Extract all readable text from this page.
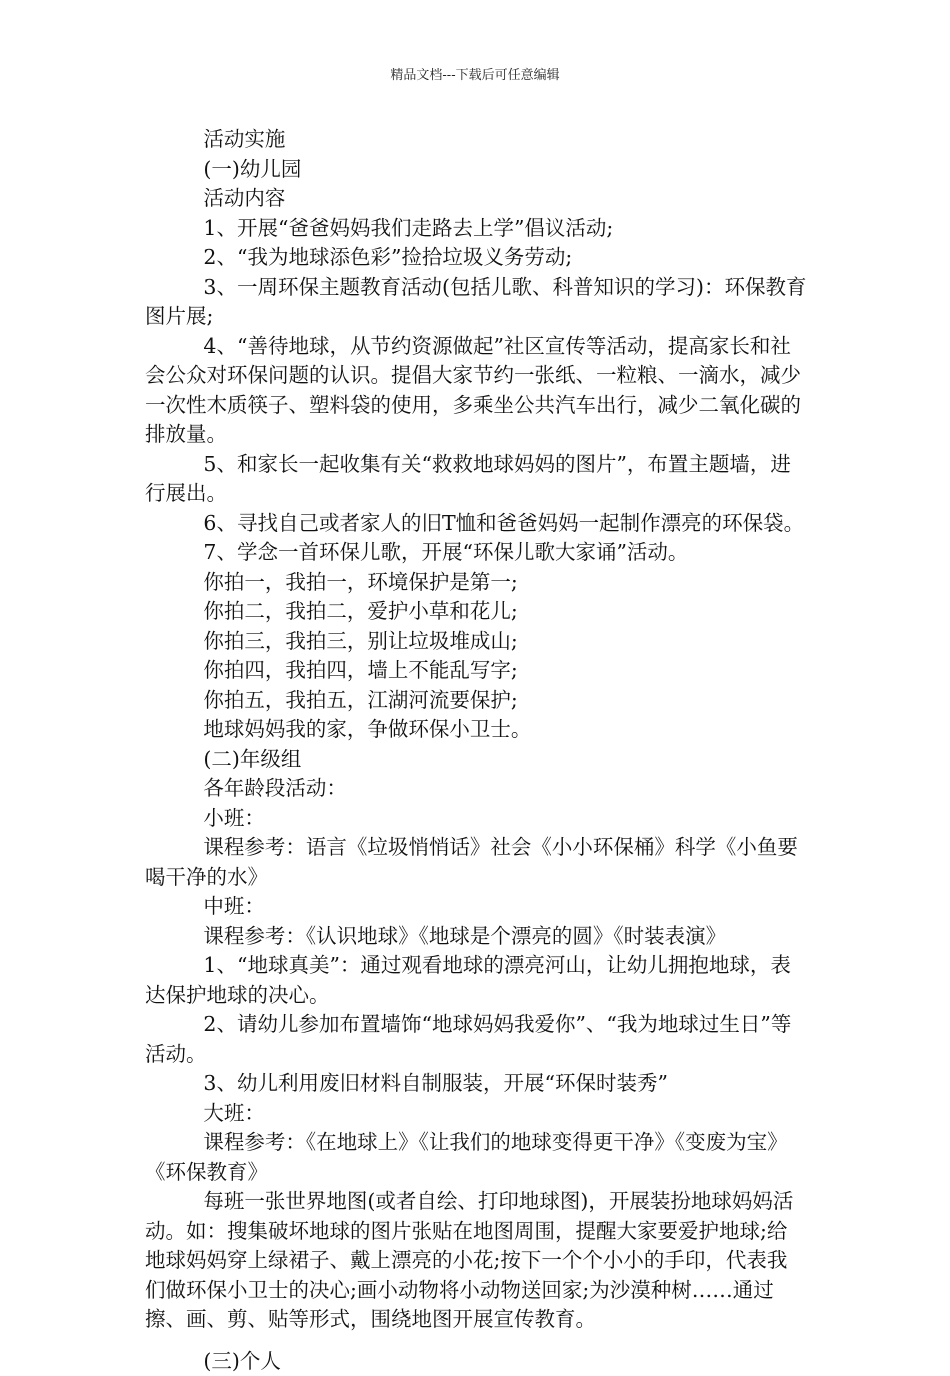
精品文档---下载后可任意编辑

活动实施

(一)幼儿园

活动内容

1、开展“爸爸妈妈我们走路去上学”倡议活动;

2、“我为地球添色彩”捡拾垃圾义务劳动;

3、一周环保主题教育活动(包括儿歌、科普知识的学习)：环保教育图片展;

4、“善待地球，从节约资源做起”社区宣传等活动，提高家长和社会公众对环保问题的认识。提倡大家节约一张纸、一粒粮、一滴水，减少一次性木质筷子、塑料袋的使用，多乘坐公共汽车出行，减少二氧化碳的排放量。

5、和家长一起收集有关“救救地球妈妈的图片”，布置主题墙，进行展出。

6、寻找自己或者家人的旧T恤和爸爸妈妈一起制作漂亮的环保袋。

7、学念一首环保儿歌，开展“环保儿歌大家诵”活动。

你拍一，我拍一，环境保护是第一;

你拍二，我拍二，爱护小草和花儿;

你拍三，我拍三，别让垃圾堆成山;

你拍四，我拍四，墙上不能乱写字;

你拍五，我拍五，江湖河流要保护;

地球妈妈我的家，争做环保小卫士。

(二)年级组

各年龄段活动：

小班：

课程参考：语言《垃圾悄悄话》社会《小小环保桶》科学《小鱼要喝干净的水》

中班：

课程参考：《认识地球》《地球是个漂亮的圆》《时装表演》

1、“地球真美”：通过观看地球的漂亮河山，让幼儿拥抱地球，表达保护地球的决心。

2、请幼儿参加布置墙饰“地球妈妈我爱你”、“我为地球过生日”等活动。

3、幼儿利用废旧材料自制服装，开展“环保时装秀”

大班：

课程参考：《在地球上》《让我们的地球变得更干净》《变废为宝》《环保教育》

每班一张世界地图(或者自绘、打印地球图)，开展装扮地球妈妈活动。如：搜集破坏地球的图片张贴在地图周围，提醒大家要爱护地球;给地球妈妈穿上绿裙子、戴上漂亮的小花;按下一个个小小的手印，代表我们做环保小卫士的决心;画小动物将小动物送回家;为沙漠种树……通过擦、画、剪、贴等形式，围绕地图开展宣传教育。

(三)个人
